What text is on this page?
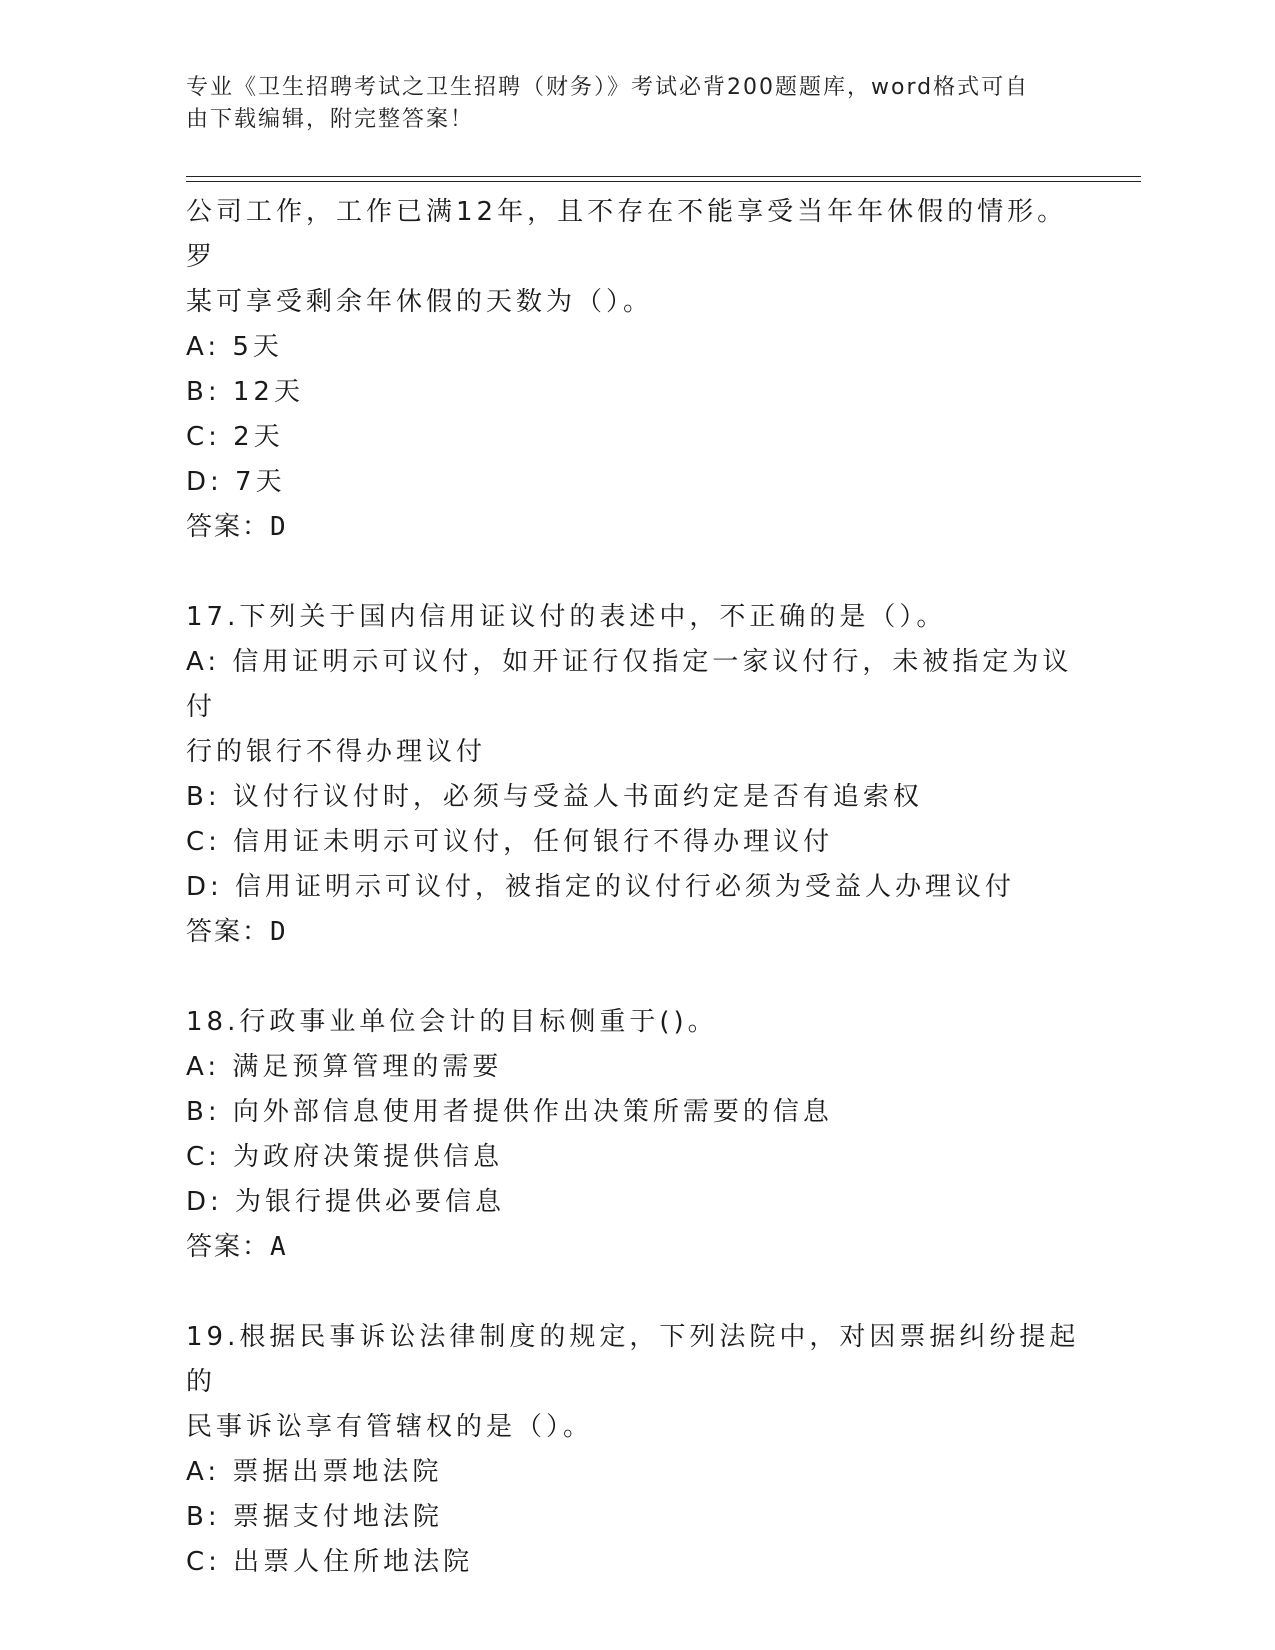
专业《卫生招聘考试之卫生招聘（财务）》考试必背200题题库，word格式可自
由下载编辑，附完整答案！

公司工作，工作已满12年，且不存在不能享受当年年休假的情形。罗

某可享受剩余年休假的天数为（）。

A: 5天

B: 12天

C: 2天

D: 7天

答案：D

17.下列关于国内信用证议付的表述中，不正确的是（）。

A: 信用证明示可议付，如开证行仅指定一家议付行，未被指定为议付

行的银行不得办理议付

B: 议付行议付时，必须与受益人书面约定是否有追索权

C: 信用证未明示可议付，任何银行不得办理议付

D: 信用证明示可议付，被指定的议付行必须为受益人办理议付

答案：D

18.行政事业单位会计的目标侧重于()。

A: 满足预算管理的需要

B: 向外部信息使用者提供作出决策所需要的信息

C: 为政府决策提供信息

D: 为银行提供必要信息

答案：A

19.根据民事诉讼法律制度的规定，下列法院中，对因票据纠纷提起的

民事诉讼享有管辖权的是（）。

A: 票据出票地法院

B: 票据支付地法院

C: 出票人住所地法院
